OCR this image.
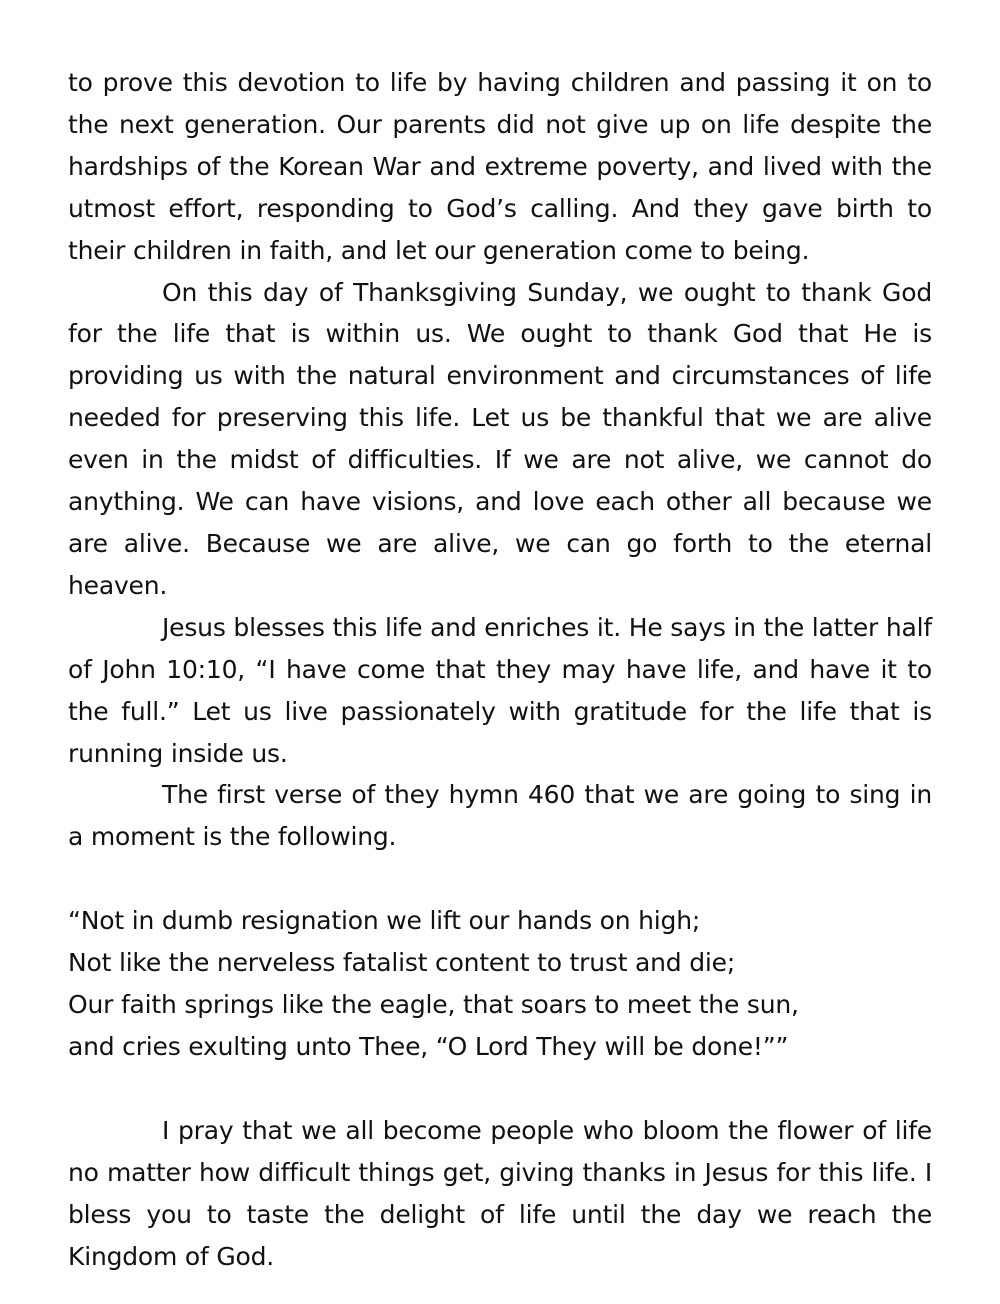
to prove this devotion to life by having children and passing it on to the next generation. Our parents did not give up on life despite the hardships of the Korean War and extreme poverty, and lived with the utmost effort, responding to God’s calling. And they gave birth to their children in faith, and let our generation come to being.

On this day of Thanksgiving Sunday, we ought to thank God for the life that is within us. We ought to thank God that He is providing us with the natural environment and circumstances of life needed for preserving this life. Let us be thankful that we are alive even in the midst of difficulties. If we are not alive, we cannot do anything. We can have visions, and love each other all because we are alive. Because we are alive, we can go forth to the eternal heaven.

Jesus blesses this life and enriches it. He says in the latter half of John 10:10, “I have come that they may have life, and have it to the full.” Let us live passionately with gratitude for the life that is running inside us.

The first verse of they hymn 460 that we are going to sing in a moment is the following.

“Not in dumb resignation we lift our hands on high;
Not like the nerveless fatalist content to trust and die;
Our faith springs like the eagle, that soars to meet the sun,
and cries exulting unto Thee, “O Lord They will be done!””

I pray that we all become people who bloom the flower of life no matter how difficult things get, giving thanks in Jesus for this life. I bless you to taste the delight of life until the day we reach the Kingdom of God.
